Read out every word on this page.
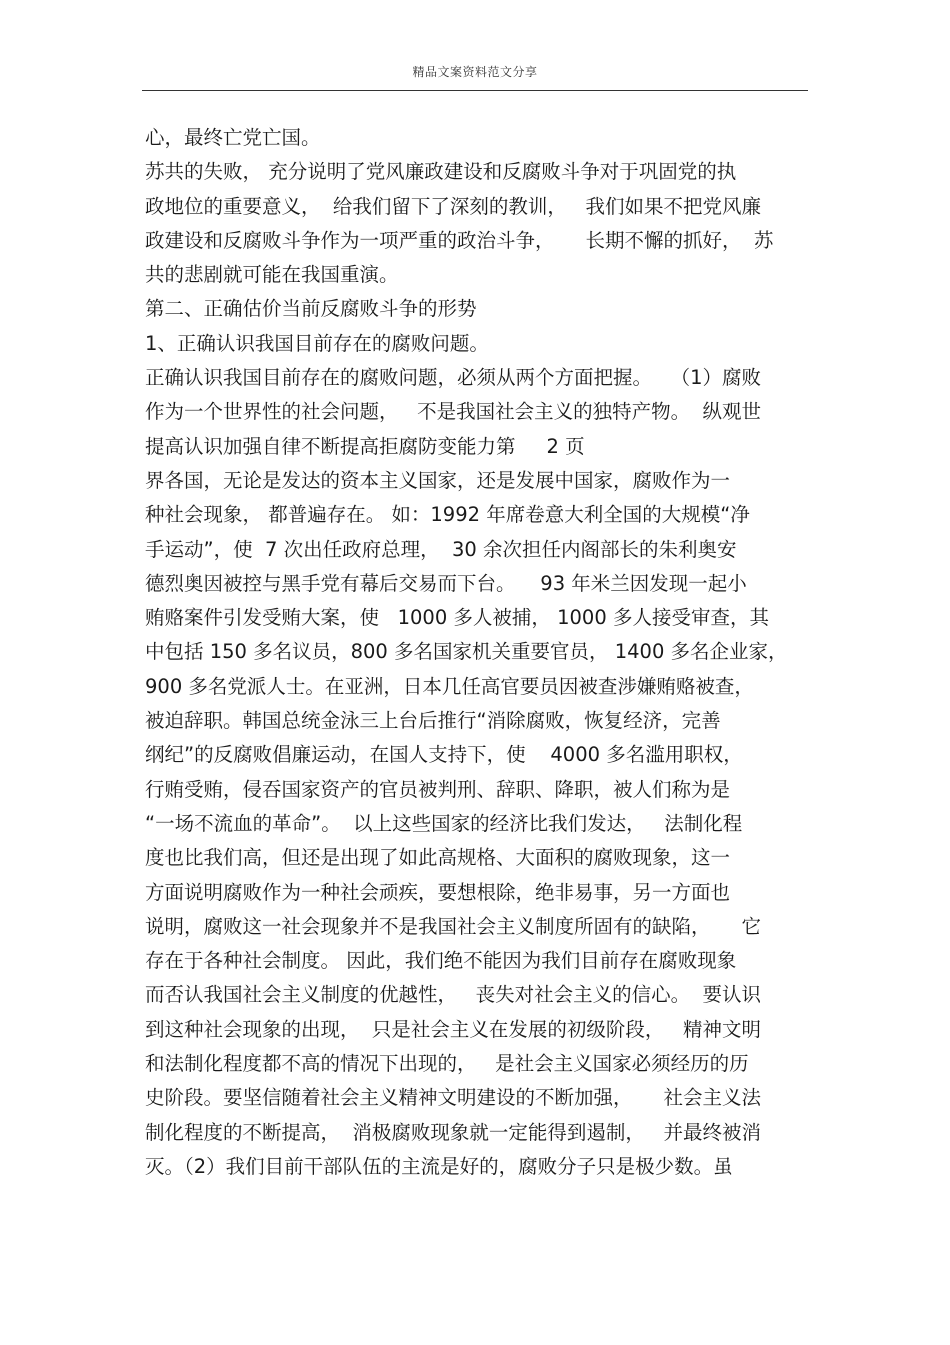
精品文案资料范文分享
心，最终亡党亡国。
苏共的失败， 充分说明了党风廉政建设和反腐败斗争对于巩固党的执
政地位的重要意义，  给我们留下了深刻的教训，   我们如果不把党风廉
政建设和反腐败斗争作为一项严重的政治斗争，     长期不懈的抓好，  苏
共的悲剧就可能在我国重演。
第二、正确估价当前反腐败斗争的形势
1、正确认识我国目前存在的腐败问题。
正确认识我国目前存在的腐败问题，必须从两个方面把握。   （1）腐败
作为一个世界性的社会问题，   不是我国社会主义的独特产物。  纵观世
提高认识加强自律不断提高拒腐防变能力第     2 页
界各国，无论是发达的资本主义国家，还是发展中国家，腐败作为一
种社会现象， 都普遍存在。 如：1992 年席卷意大利全国的大规模“净
手运动”，使  7 次出任政府总理，  30 余次担任内阁部长的朱利奥安
德烈奥因被控与黑手党有幕后交易而下台。    93 年米兰因发现一起小
贿赂案件引发受贿大案，使   1000 多人被捕， 1000 多人接受审查，其
中包括 150 多名议员，800 多名国家机关重要官员， 1400 多名企业家，
900 多名党派人士。在亚洲，日本几任高官要员因被查涉嫌贿赂被查，
被迫辞职。韩国总统金泳三上台后推行“消除腐败，恢复经济，完善
纲纪”的反腐败倡廉运动，在国人支持下，使    4000 多名滥用职权，
行贿受贿，侵吞国家资产的官员被判刑、辞职、降职，被人们称为是
“一场不流血的革命”。  以上这些国家的经济比我们发达，   法制化程
度也比我们高，但还是出现了如此高规格、大面积的腐败现象，这一
方面说明腐败作为一种社会顽疾，要想根除，绝非易事，另一方面也
说明，腐败这一社会现象并不是我国社会主义制度所固有的缺陷，     它
存在于各种社会制度。 因此，我们绝不能因为我们目前存在腐败现象
而否认我国社会主义制度的优越性，   丧失对社会主义的信心。  要认识
到这种社会现象的出现，  只是社会主义在发展的初级阶段，   精神文明
和法制化程度都不高的情况下出现的，   是社会主义国家必须经历的历
史阶段。要坚信随着社会主义精神文明建设的不断加强，     社会主义法
制化程度的不断提高，  消极腐败现象就一定能得到遏制，   并最终被消
灭。（2）我们目前干部队伍的主流是好的，腐败分子只是极少数。虽
